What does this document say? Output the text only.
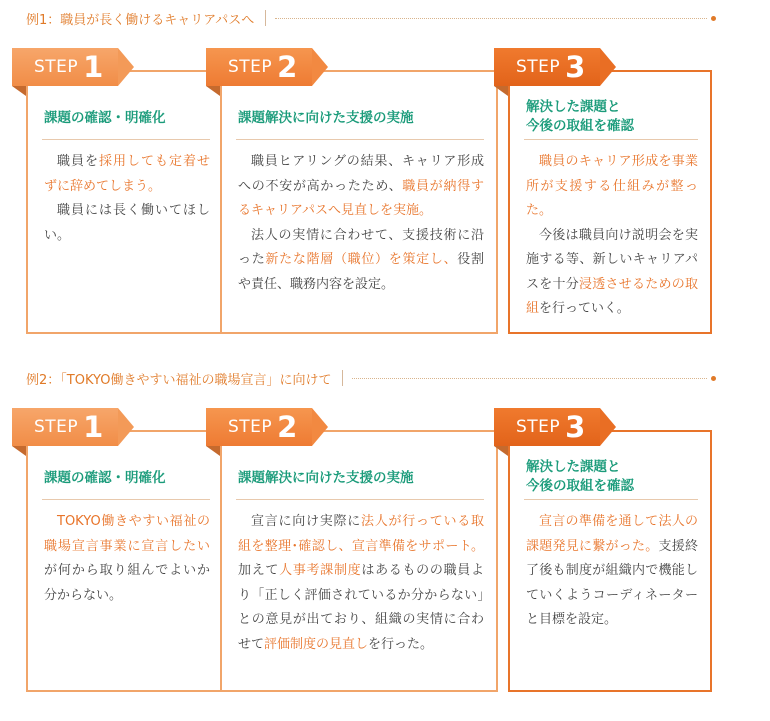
例1：職員が長く働けるキャリアパスへ
課題の確認・明確化

職員を採用しても定着せずに辞めてしまう。

職員には長く働いてほしい。

STEP 1
課題解決に向けた支援の実施

職員ヒアリングの結果、キャリア形成への不安が高かったため、職員が納得するキャリアパスへ見直しを実施。

法人の実情に合わせて、支援技術に沿った新たな階層（職位）を策定し、役割や責任、職務内容を設定。

STEP 2
解決した課題と
今後の取組を確認

職員のキャリア形成を事業所が支援する仕組みが整った。

今後は職員向け説明会を実施する等、新しいキャリアパスを十分浸透させるための取組を行っていく。

STEP 3
例2：「TOKYO働きやすい福祉の職場宣言」に向けて
課題の確認・明確化

TOKYO働きやすい福祉の職場宣言事業に宣言したいが何から取り組んでよいか分からない。

STEP 1
課題解決に向けた支援の実施

宣言に向け実際に法人が行っている取組を整理･確認し、宣言準備をサポート。加えて人事考課制度はあるものの職員より「正しく評価されているか分からない」との意見が出ており、組織の実情に合わせて評価制度の見直しを行った。

STEP 2
解決した課題と
今後の取組を確認

宣言の準備を通して法人の課題発見に繋がった。支援終了後も制度が組織内で機能していくようコーディネーターと目標を設定。

STEP 3
